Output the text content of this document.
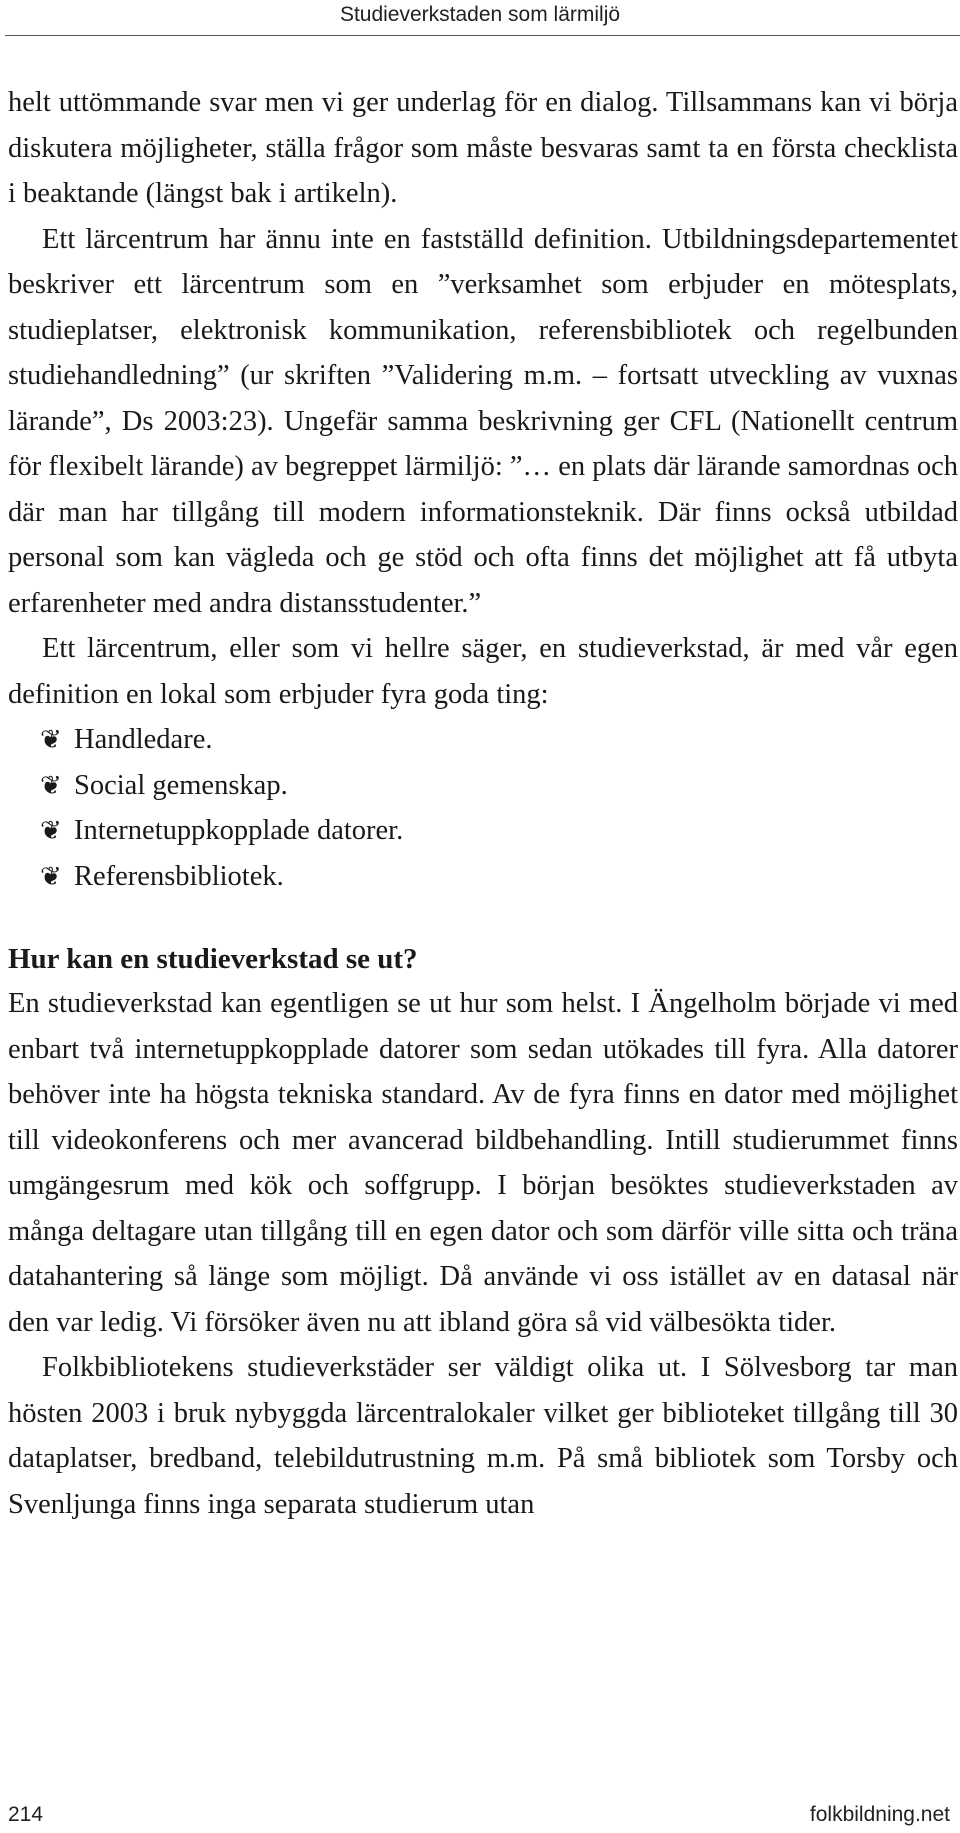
Studieverkstaden som lärmiljö

helt uttömmande svar men vi ger underlag för en dialog. Tillsammans kan vi börja diskutera möjligheter, ställa frågor som måste besvaras samt ta en första checklista i beaktande (längst bak i artikeln).

Ett lärcentrum har ännu inte en fastställd definition. Utbildningsdepartementet beskriver ett lärcentrum som en ”verksamhet som erbjuder en mötesplats, studieplatser, elektronisk kommunikation, referensbibliotek och regelbunden studiehandledning” (ur skriften ”Validering m.m. – fortsatt utveckling av vuxnas lärande”, Ds 2003:23). Ungefär samma beskrivning ger CFL (Nationellt centrum för flexibelt lärande) av begreppet lärmiljö: ”… en plats där lärande samordnas och där man har tillgång till modern informationsteknik. Där finns också utbildad personal som kan vägleda och ge stöd och ofta finns det möjlighet att få utbyta erfarenheter med andra distansstudenter.”

Ett lärcentrum, eller som vi hellre säger, en studieverkstad, är med vår egen definition en lokal som erbjuder fyra goda ting:

❦ Handledare.
❦ Social gemenskap.
❦ Internetuppkopplade datorer.
❦ Referensbibliotek.
Hur kan en studieverkstad se ut?

En studieverkstad kan egentligen se ut hur som helst. I Ängelholm började vi med enbart två internetuppkopplade datorer som sedan utökades till fyra. Alla datorer behöver inte ha högsta tekniska standard. Av de fyra finns en dator med möjlighet till videokonferens och mer avancerad bildbehandling. Intill studierummet finns umgängesrum med kök och soffgrupp. I början besöktes studieverkstaden av många deltagare utan tillgång till en egen dator och som därför ville sitta och träna datahantering så länge som möjligt. Då använde vi oss istället av en datasal när den var ledig. Vi försöker även nu att ibland göra så vid välbesökta tider.

Folkbibliotekens studieverkstäder ser väldigt olika ut. I Sölvesborg tar man hösten 2003 i bruk nybyggda lärcentralokaler vilket ger biblioteket tillgång till 30 dataplatser, bredband, telebildutrustning m.m. På små bibliotek som Torsby och Svenljunga finns inga separata studierum utan

214	folkbildning.net
